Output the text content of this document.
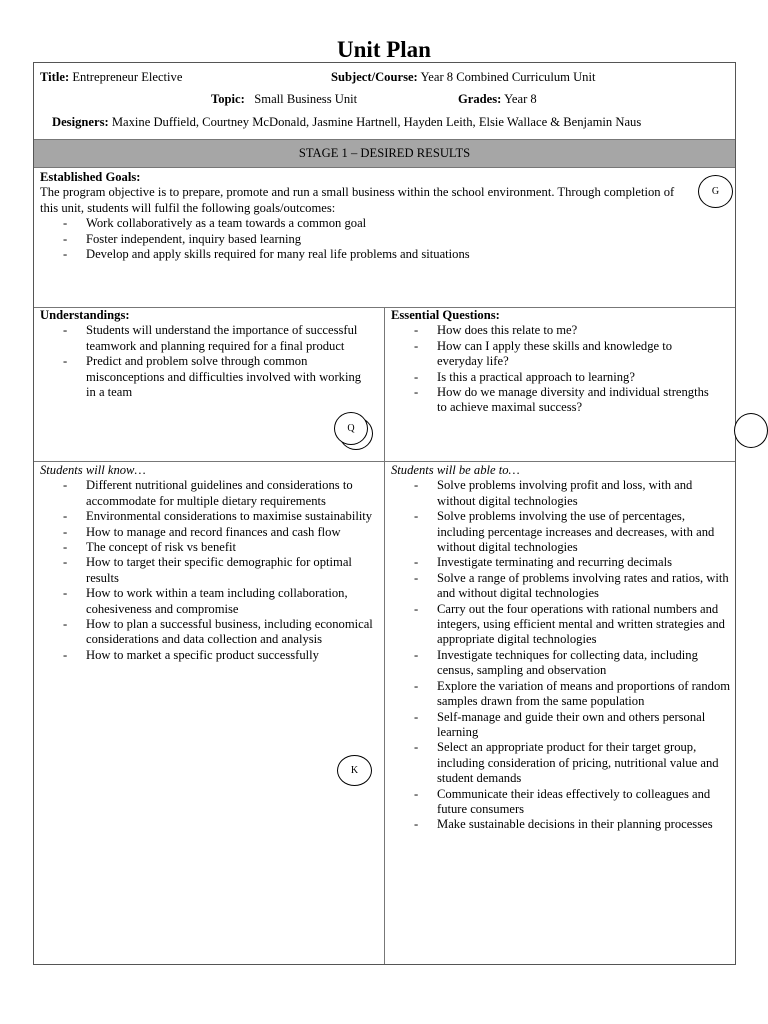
Unit Plan
Title: Entrepreneur Elective	Subject/Course: Year 8 Combined Curriculum Unit
Topic: Small Business Unit	Grades: Year 8
Designers: Maxine Duffield, Courtney McDonald, Jasmine Hartnell, Hayden Leith, Elsie Wallace & Benjamin Naus
STAGE 1 – DESIRED RESULTS

Established Goals:

The program objective is to prepare, promote and run a small business within the school environment. Through completion of this unit, students will fulfil the following goals/outcomes:

- Work collaboratively as a team towards a common goal
- Foster independent, inquiry based learning
- Develop and apply skills required for many real life problems and situations
G

Understandings:

- Students will understand the importance of successful teamwork and planning required for a final product
- Predict and problem solve through common misconceptions and difficulties involved with working in a team
Q

Essential Questions:

- How does this relate to me?
- How can I apply these skills and knowledge to everyday life?
- Is this a practical approach to learning?
- How do we manage diversity and individual strengths to achieve maximal success?

Students will know…

- Different nutritional guidelines and considerations to accommodate for multiple dietary requirements
- Environmental considerations to maximise sustainability
- How to manage and record finances and cash flow
- The concept of risk vs benefit
- How to target their specific demographic for optimal results
- How to work within a team including collaboration, cohesiveness and compromise
- How to plan a successful business, including economical considerations and data collection and analysis
- How to market a specific product successfully
K

Students will be able to…

- Solve problems involving profit and loss, with and without digital technologies
- Solve problems involving the use of percentages, including percentage increases and decreases, with and without digital technologies
- Investigate terminating and recurring decimals
- Solve a range of problems involving rates and ratios, with and without digital technologies
- Carry out the four operations with rational numbers and integers, using efficient mental and written strategies and appropriate digital technologies
- Investigate techniques for collecting data, including census, sampling and observation
- Explore the variation of means and proportions of random samples drawn from the same population
- Self-manage and guide their own and others personal learning
- Select an appropriate product for their target group, including consideration of pricing, nutritional value and student demands
- Communicate their ideas effectively to colleagues and future consumers
- Make sustainable decisions in their planning processes
